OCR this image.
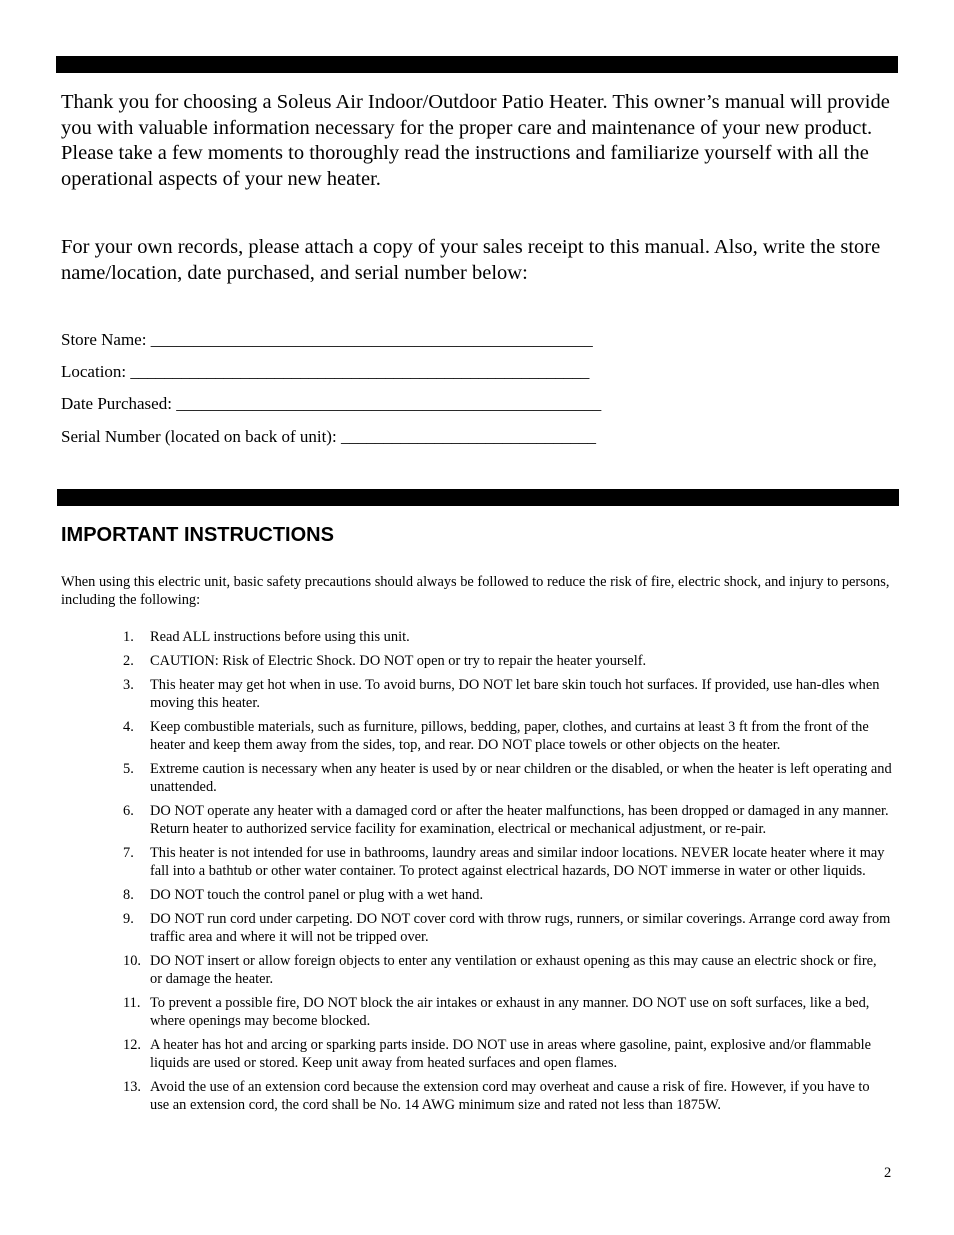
Thank you for choosing a Soleus Air Indoor/Outdoor Patio Heater. This owner’s manual will provide you with valuable information necessary for the proper care and maintenance of your new product. Please take a few moments to thoroughly read the instructions and familiarize yourself with all the operational aspects of your new heater.

For your own records, please attach a copy of your sales receipt to this manual. Also, write the store name/location, date purchased, and serial number below:

Store Name: ____________________________________________________
Location: ______________________________________________________
Date Purchased: __________________________________________________
Serial Number (located on back of unit): ______________________________
IMPORTANT INSTRUCTIONS

When using this electric unit, basic safety precautions should always be followed to reduce the risk of fire, electric shock, and injury to persons, including the following:

1. Read ALL instructions before using this unit.
2. CAUTION: Risk of Electric Shock. DO NOT open or try to repair the heater yourself.
3. This heater may get hot when in use. To avoid burns, DO NOT let bare skin touch hot surfaces. If provided, use han-dles when moving this heater.
4. Keep combustible materials, such as furniture, pillows, bedding, paper, clothes, and curtains at least 3 ft from the front of the heater and keep them away from the sides, top, and rear. DO NOT place towels or other objects on the heater.
5. Extreme caution is necessary when any heater is used by or near children or the disabled, or when the heater is left operating and unattended.
6. DO NOT operate any heater with a damaged cord or after the heater malfunctions, has been dropped or damaged in any manner. Return heater to authorized service facility for examination, electrical or mechanical adjustment, or re-pair.
7. This heater is not intended for use in bathrooms, laundry areas and similar indoor locations. NEVER locate heater where it may fall into a bathtub or other water container. To protect against electrical hazards, DO NOT immerse in water or other liquids.
8. DO NOT touch the control panel or plug with a wet hand.
9. DO NOT run cord under carpeting. DO NOT cover cord with throw rugs, runners, or similar coverings. Arrange cord away from traffic area and where it will not be tripped over.
10. DO NOT insert or allow foreign objects to enter any ventilation or exhaust opening as this may cause an electric shock or fire, or damage the heater.
11. To prevent a possible fire, DO NOT block the air intakes or exhaust in any manner. DO NOT use on soft surfaces, like a bed, where openings may become blocked.
12. A heater has hot and arcing or sparking parts inside. DO NOT use in areas where gasoline, paint, explosive and/or flammable liquids are used or stored. Keep unit away from heated surfaces and open flames.
13. Avoid the use of an extension cord because the extension cord may overheat and cause a risk of fire. However, if you have to use an extension cord, the cord shall be No. 14 AWG minimum size and rated not less than 1875W.
2
